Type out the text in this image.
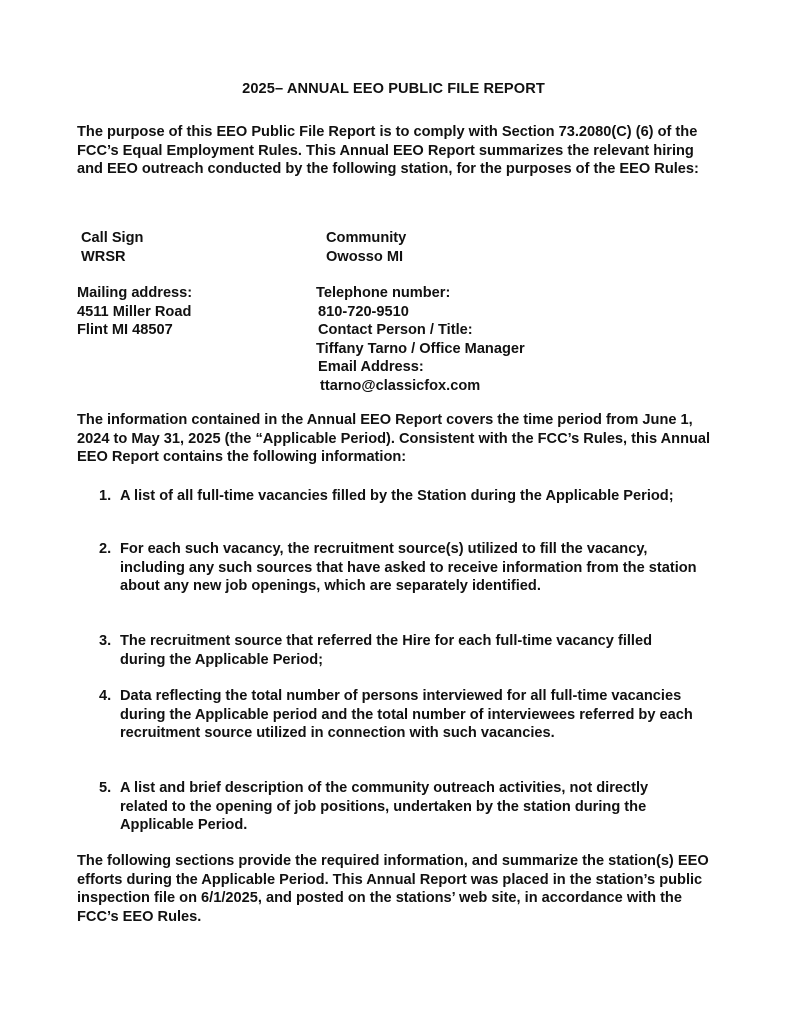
2025– ANNUAL EEO PUBLIC FILE REPORT

The purpose of this EEO Public File Report is to comply with Section 73.2080(C) (6) of the FCC’s Equal Employment Rules. This Annual EEO Report summarizes the relevant hiring and EEO outreach conducted by the following station, for the purposes of the EEO Rules:

Call Sign
WRSR
Community
Owosso MI
Mailing address:
4511 Miller Road
Flint MI 48507
Telephone number:
810-720-9510
Contact Person / Title:
Tiffany Tarno / Office Manager
Email Address:
ttarno@classicfox.com

The information contained in the Annual EEO Report covers the time period from June 1, 2024 to May 31, 2025 (the “Applicable Period). Consistent with the FCC’s Rules, this Annual EEO Report contains the following information:

1. A list of all full-time vacancies filled by the Station during the Applicable Period;
2. For each such vacancy, the recruitment source(s) utilized to fill the vacancy, including any such sources that have asked to receive information from the station about any new job openings, which are separately identified.
3. The recruitment source that referred the Hire for each full-time vacancy filled during the Applicable Period;
4. Data reflecting the total number of persons interviewed for all full-time vacancies during the Applicable period and the total number of interviewees referred by each recruitment source utilized in connection with such vacancies.
5. A list and brief description of the community outreach activities, not directly related to the opening of job positions, undertaken by the station during the Applicable Period.

The following sections provide the required information, and summarize the station(s) EEO efforts during the Applicable Period. This Annual Report was placed in the station’s public inspection file on 6/1/2025, and posted on the stations’ web site, in accordance with the FCC’s EEO Rules.
